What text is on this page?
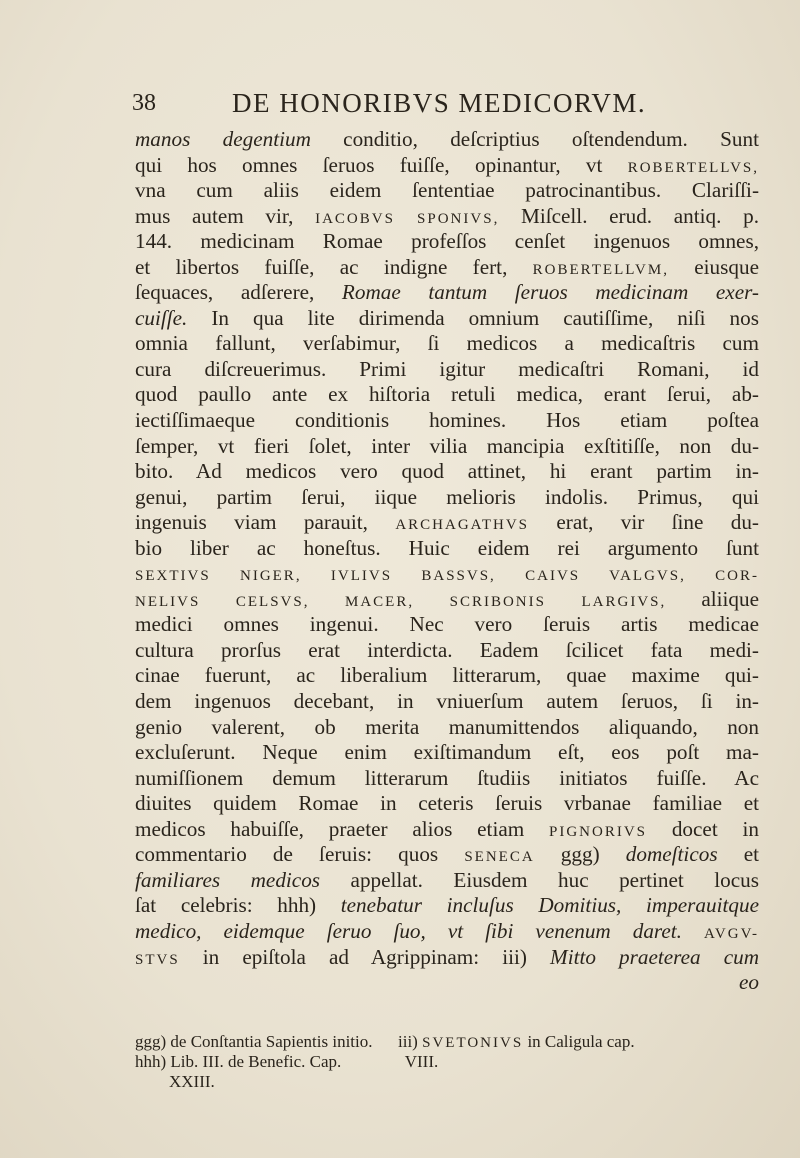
38	DE HONORIBVS MEDICORVM.
manos degentium conditio, deſcriptius oſtendendum. Sunt
qui hos omnes ſeruos fuiſſe, opinantur, vt ROBERTELLVS,
vna cum aliis eidem ſententiae patrocinantibus. Clariſſi-
mus autem vir, IACOBVS SPONIVS, Miſcell. erud. antiq. p.
144. medicinam Romae profeſſos cenſet ingenuos omnes,
et libertos fuiſſe, ac indigne fert, ROBERTELLVM, eiusque
ſequaces, adſerere, Romae tantum ſeruos medicinam exer-
cuiſſe. In qua lite dirimenda omnium cautiſſime, niſi nos
omnia fallunt, verſabimur, ſi medicos a medicaſtris cum
cura diſcreuerimus. Primi igitur medicaſtri Romani, id
quod paullo ante ex hiſtoria retuli medica, erant ſerui, ab-
iectiſſimaeque conditionis homines. Hos etiam poſtea
ſemper, vt fieri ſolet, inter vilia mancipia exſtitiſſe, non du-
bito. Ad medicos vero quod attinet, hi erant partim in-
genui, partim ſerui, iique melioris indolis. Primus, qui
ingenuis viam parauit, ARCHAGATHVS erat, vir ſine du-
bio liber ac honeſtus. Huic eidem rei argumento ſunt
SEXTIVS NIGER, IVLIVS BASSVS, CAIVS VALGVS, COR-
NELIVS CELSVS, MACER, SCRIBONIS LARGIVS, aliique
medici omnes ingenui. Nec vero ſeruis artis medicae
cultura prorſus erat interdicta. Eadem ſcilicet fata medi-
cinae fuerunt, ac liberalium litterarum, quae maxime qui-
dem ingenuos decebant, in vniuerſum autem ſeruos, ſi in-
genio valerent, ob merita manumittendos aliquando, non
excluſerunt. Neque enim exiſtimandum eſt, eos poſt ma-
numiſſionem demum litterarum ſtudiis initiatos fuiſſe. Ac
diuites quidem Romae in ceteris ſeruis vrbanae familiae et
medicos habuiſſe, praeter alios etiam PIGNORIVS docet in
commentario de ſeruis: quos SENECA ggg) domeſticos et
familiares medicos appellat. Eiusdem huc pertinet locus
ſat celebris: hhh) tenebatur incluſus Domitius, imperauitque
medico, eidemque ſeruo ſuo, vt ſibi venenum daret. AVGV-
STVS in epiſtola ad Agrippinam: iii) Mitto praeterea cum
eo
ggg) de Conſtantia Sapientis initio.      iii) SVETONIVS in Caligula cap.
hhh) Lib. III. de Benefic. Cap.               VIII.
XXIII.
